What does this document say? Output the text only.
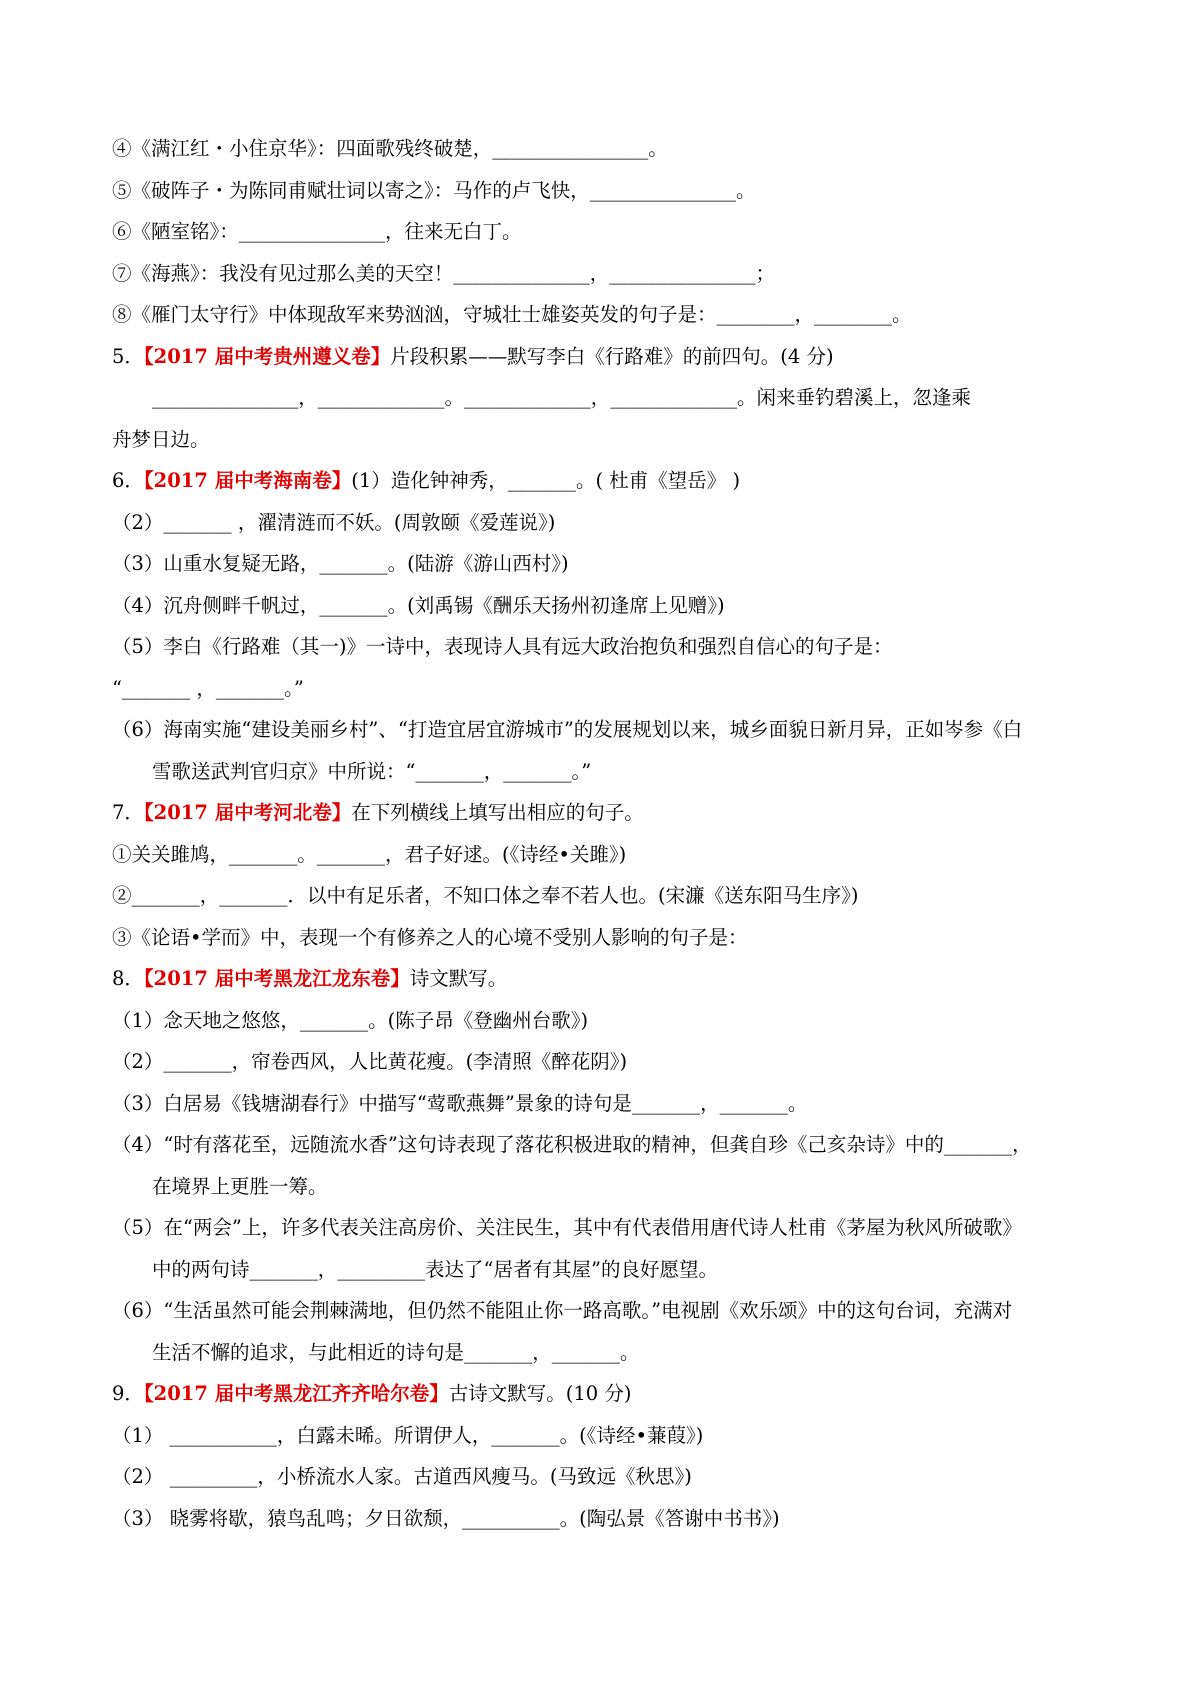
④《满江红・小住京华》：四面歌残终破楚，________________。
⑤《破阵子・为陈同甫赋壮词以寄之》：马作的卢飞快，_______________。
⑥《陋室铭》：_______________，往来无白丁。
⑦《海燕》：我没有见过那么美的天空！______________，_______________；
⑧《雁门太守行》中体现敌军来势汹汹，守城壮士雄姿英发的句子是：________，________。
5．【2017 届中考贵州遵义卷】片段积累——默写李白《行路难》的前四句。(4 分)
_______________，_____________。_____________，_____________。闲来垂钓碧溪上，忽逢乘
舟梦日边。
6．【2017 届中考海南卷】(1）造化钟神秀，_______。( 杜甫《望岳》 )
（2）_______ ，濯清涟而不妖。(周敦颐《爱莲说》)
（3）山重水复疑无路，_______。(陆游《游山西村》)
（4）沉舟侧畔千帆过，_______。(刘禹锡《酬乐天扬州初逢席上见赠》)
（5）李白《行路难（其一)》一诗中，表现诗人具有远大政治抱负和强烈自信心的句子是：
“_______ ，_______。”
（6）海南实施“建设美丽乡村”、“打造宜居宜游城市”的发展规划以来，城乡面貌日新月异，正如岑参《白
雪歌送武判官归京》中所说：“_______，_______。”
7．【2017 届中考河北卷】在下列横线上填写出相应的句子。
①关关雎鸠，_______。_______，君子好逑。(《诗经•关雎》)
②_______，_______．以中有足乐者，不知口体之奉不若人也。(宋濂《送东阳马生序》)
③《论语•学而》中，表现一个有修养之人的心境不受别人影响的句子是：
8．【2017 届中考黑龙江龙东卷】诗文默写。
（1）念天地之悠悠，_______。(陈子昂《登幽州台歌》)
（2）_______，帘卷西风，人比黄花瘦。(李清照《醉花阴》)
（3）白居易《钱塘湖春行》中描写“莺歌燕舞”景象的诗句是_______，_______。
（4）“时有落花至，远随流水香”这句诗表现了落花积极进取的精神，但龚自珍《己亥杂诗》中的_______，
在境界上更胜一筹。
（5）在“两会”上，许多代表关注高房价、关注民生，其中有代表借用唐代诗人杜甫《茅屋为秋风所破歌》
中的两句诗_______，_________表达了“居者有其屋”的良好愿望。
（6）“生活虽然可能会荆棘满地，但仍然不能阻止你一路高歌。”电视剧《欢乐颂》中的这句台词，充满对
生活不懈的追求，与此相近的诗句是_______，_______。
9．【2017 届中考黑龙江齐齐哈尔卷】古诗文默写。(10 分)
（1） ___________，白露未晞。所谓伊人，_______。(《诗经•蒹葭》)
（2） _________，小桥流水人家。古道西风瘦马。(马致远《秋思》)
（3） 晓雾将歇，猿鸟乱鸣；夕日欲颓，__________。(陶弘景《答谢中书书》)
